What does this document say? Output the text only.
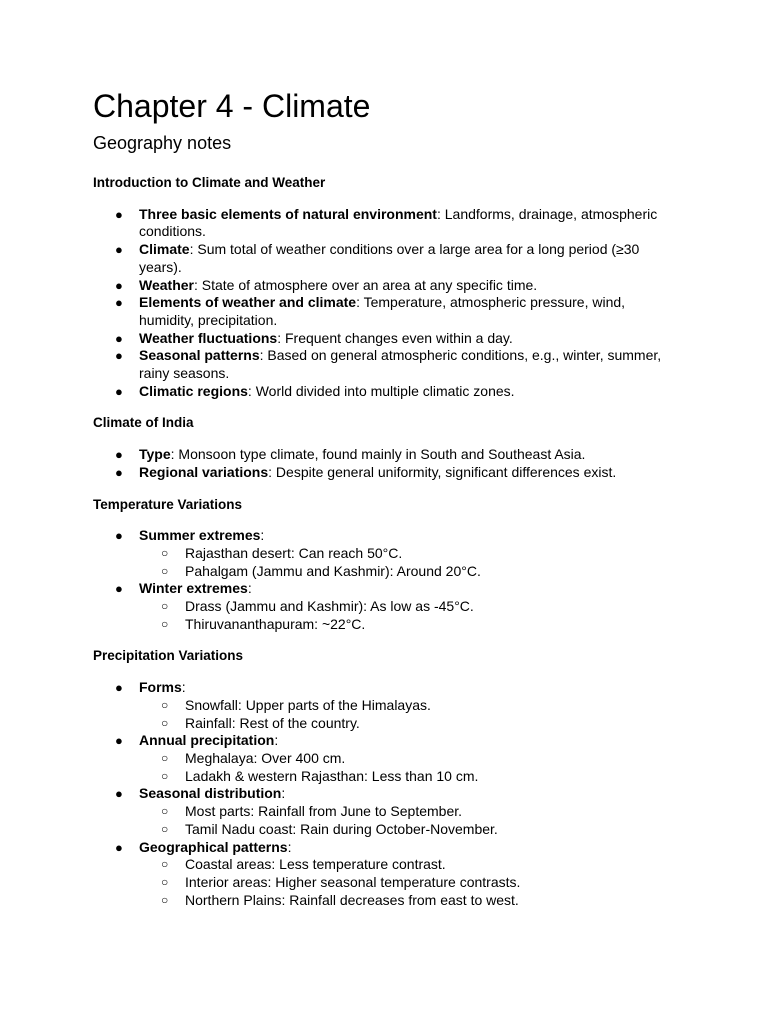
Chapter 4 - Climate
Geography notes
Introduction to Climate and Weather
● Three basic elements of natural environment: Landforms, drainage, atmospheric conditions.
● Climate: Sum total of weather conditions over a large area for a long period (≥30 years).
● Weather: State of atmosphere over an area at any specific time.
● Elements of weather and climate: Temperature, atmospheric pressure, wind, humidity, precipitation.
● Weather fluctuations: Frequent changes even within a day.
● Seasonal patterns: Based on general atmospheric conditions, e.g., winter, summer, rainy seasons.
● Climatic regions: World divided into multiple climatic zones.
Climate of India
● Type: Monsoon type climate, found mainly in South and Southeast Asia.
● Regional variations: Despite general uniformity, significant differences exist.
Temperature Variations
● Summer extremes:
○ Rajasthan desert: Can reach 50°C.
○ Pahalgam (Jammu and Kashmir): Around 20°C.
● Winter extremes:
○ Drass (Jammu and Kashmir): As low as -45°C.
○ Thiruvananthapuram: ~22°C.
Precipitation Variations
● Forms:
○ Snowfall: Upper parts of the Himalayas.
○ Rainfall: Rest of the country.
● Annual precipitation:
○ Meghalaya: Over 400 cm.
○ Ladakh & western Rajasthan: Less than 10 cm.
● Seasonal distribution:
○ Most parts: Rainfall from June to September.
○ Tamil Nadu coast: Rain during October-November.
● Geographical patterns:
○ Coastal areas: Less temperature contrast.
○ Interior areas: Higher seasonal temperature contrasts.
○ Northern Plains: Rainfall decreases from east to west.
